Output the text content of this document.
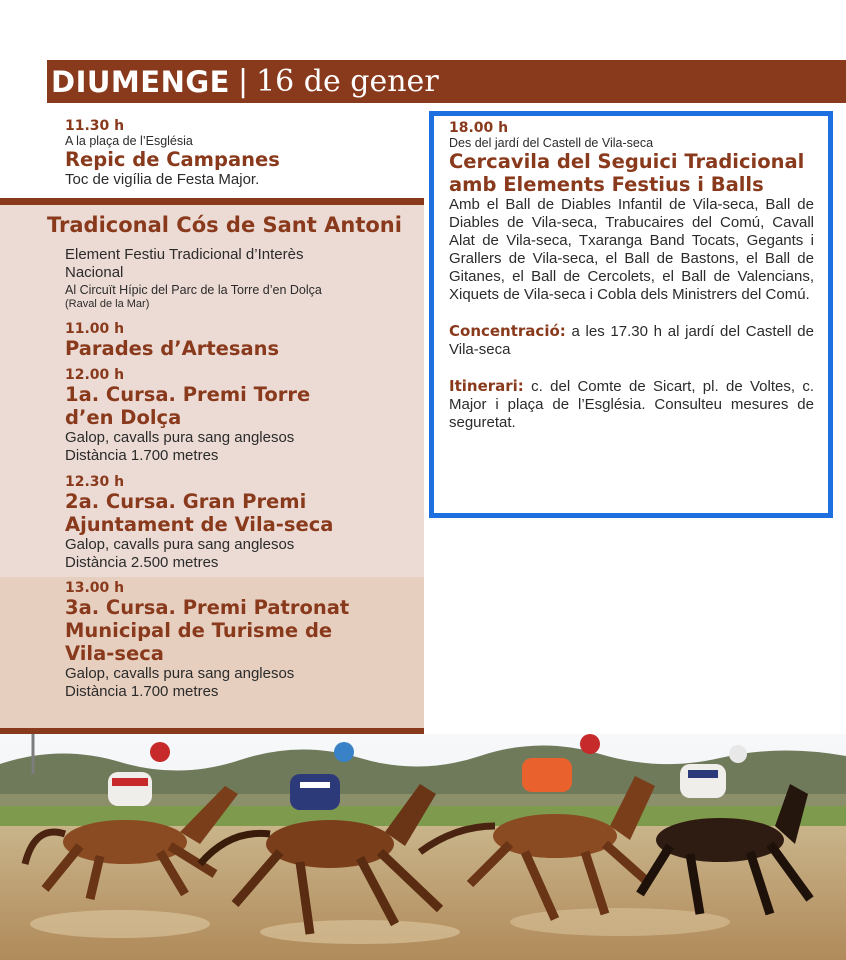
DIUMENGE | 16 de gener
11.30 h
A la plaça de l’Església
Repic de Campanes
Toc de vigília de Festa Major.
Tradiconal Cós de Sant Antoni
Element Festiu Tradicional d’Interès Nacional
Al Circuït Hípic del Parc de la Torre d’en Dolça
(Raval de la Mar)
11.00 h
Parades d’Artesans
12.00 h
1a. Cursa. Premi Torre d’en Dolça
Galop, cavalls pura sang anglesos
Distància 1.700 metres
12.30 h
2a. Cursa. Gran Premi Ajuntament de Vila-seca
Galop, cavalls pura sang anglesos
Distància 2.500 metres
13.00 h
3a. Cursa. Premi Patronat Municipal de Turisme de Vila-seca
Galop, cavalls pura sang anglesos
Distància 1.700 metres
18.00 h
Des del jardí del Castell de Vila-seca
Cercavila del Seguici Tradicional amb Elements Festius i Balls
Amb el Ball de Diables Infantil de Vila-seca, Ball de Diables de Vila-seca, Trabucaires del Comú, Cavall Alat de Vila-seca, Txaranga Band Tocats, Gegants i Grallers de Vila-seca, el Ball de Bastons, el Ball de Gitanes, el Ball de Cercolets, el Ball de Valencians, Xiquets de Vila-seca i Cobla dels Ministrers del Comú.
Concentració: a les 17.30 h al jardí del Castell de Vila-seca
Itinerari: c. del Comte de Sicart, pl. de Voltes, c. Major i plaça de l’Església. Consulteu mesures de seguretat.
